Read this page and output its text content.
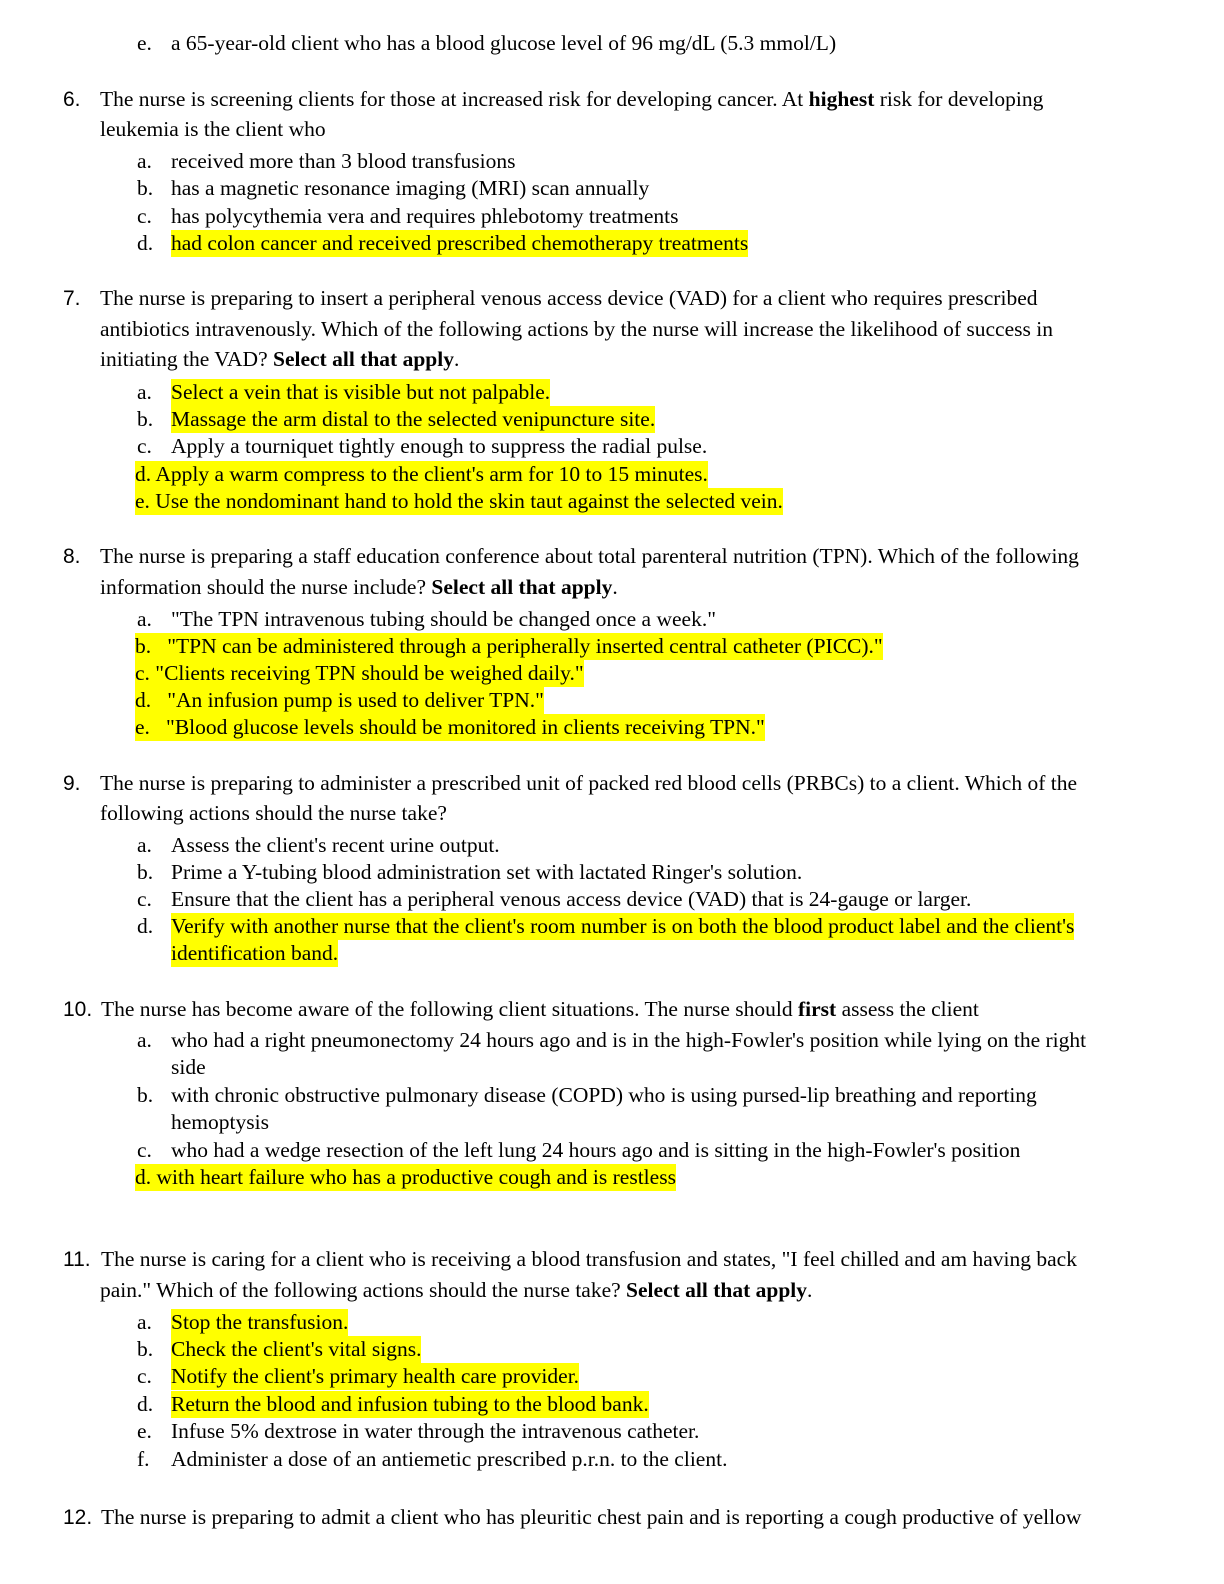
e. a 65-year-old client who has a blood glucose level of 96 mg/dL (5.3 mmol/L)
6. The nurse is screening clients for those at increased risk for developing cancer. At highest risk for developing
leukemia is the client who
a. received more than 3 blood transfusions
b. has a magnetic resonance imaging (MRI) scan annually
c. has polycythemia vera and requires phlebotomy treatments
d. had colon cancer and received prescribed chemotherapy treatments
7. The nurse is preparing to insert a peripheral venous access device (VAD) for a client who requires prescribed
antibiotics intravenously. Which of the following actions by the nurse will increase the likelihood of success in
initiating the VAD? Select all that apply.
a. Select a vein that is visible but not palpable.
b. Massage the arm distal to the selected venipuncture site.
c. Apply a tourniquet tightly enough to suppress the radial pulse.
d. Apply a warm compress to the client's arm for 10 to 15 minutes.
e. Use the nondominant hand to hold the skin taut against the selected vein.
8. The nurse is preparing a staff education conference about total parenteral nutrition (TPN). Which of the following
information should the nurse include? Select all that apply.
a. "The TPN intravenous tubing should be changed once a week."
b.   "TPN can be administered through a peripherally inserted central catheter (PICC)."
c. "Clients receiving TPN should be weighed daily."
d.   "An infusion pump is used to deliver TPN."
e.   "Blood glucose levels should be monitored in clients receiving TPN."
9. The nurse is preparing to administer a prescribed unit of packed red blood cells (PRBCs) to a client. Which of the
following actions should the nurse take?
a. Assess the client's recent urine output.
b. Prime a Y-tubing blood administration set with lactated Ringer's solution.
c. Ensure that the client has a peripheral venous access device (VAD) that is 24-gauge or larger.
d. Verify with another nurse that the client's room number is on both the blood product label and the client's
identification band.
10. The nurse has become aware of the following client situations. The nurse should first assess the client
a. who had a right pneumonectomy 24 hours ago and is in the high-Fowler's position while lying on the right
side
b. with chronic obstructive pulmonary disease (COPD) who is using pursed-lip breathing and reporting
hemoptysis
c. who had a wedge resection of the left lung 24 hours ago and is sitting in the high-Fowler's position
d. with heart failure who has a productive cough and is restless
11. The nurse is caring for a client who is receiving a blood transfusion and states, "I feel chilled and am having back
pain." Which of the following actions should the nurse take? Select all that apply.
a. Stop the transfusion.
b. Check the client's vital signs.
c. Notify the client's primary health care provider.
d. Return the blood and infusion tubing to the blood bank.
e. Infuse 5% dextrose in water through the intravenous catheter.
f. Administer a dose of an antiemetic prescribed p.r.n. to the client.
12. The nurse is preparing to admit a client who has pleuritic chest pain and is reporting a cough productive of yellow
